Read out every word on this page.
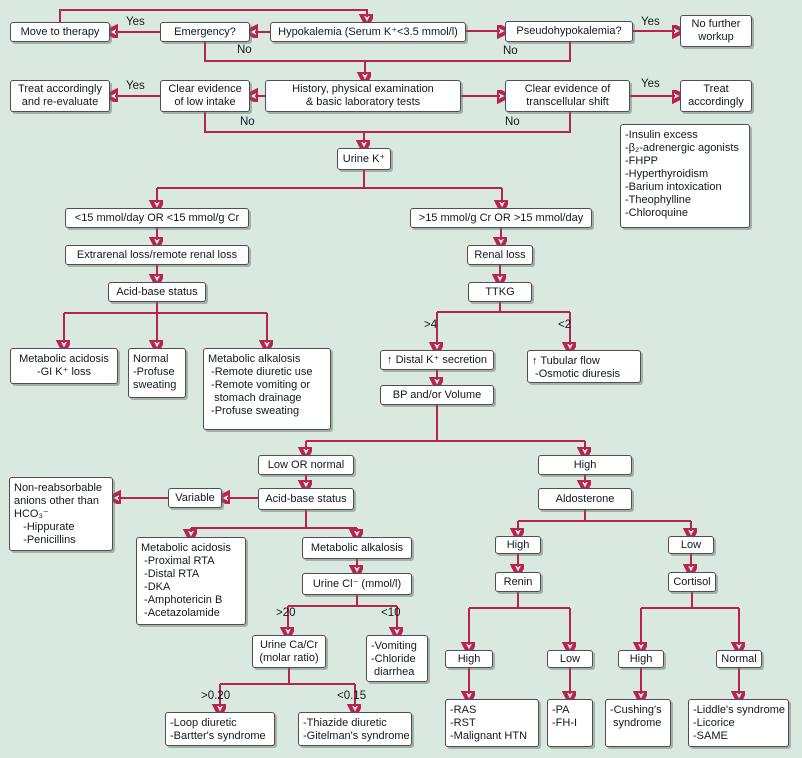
Move to therapy	Emergency?	Hypokalemia (Serum K⁺<3.5 mmol/l)	Pseudohypokalemia?
No further
workup
Treat accordingly
and re-evaluate
Clear evidence
of low intake
History, physical examination
& basic laboratory tests
Clear evidence of
transcellular shift
Treat
accordingly
-Insulin excess
-β₂-adrenergic agonists
-FHPP
-Hyperthyroidism
-Barium intoxication
-Theophylline
-Chloroquine
Urine K⁺
<15 mmol/day OR <15 mmol/g Cr	>15 mmol/g Cr OR >15 mmol/day
Extrarenal loss/remote renal loss	Renal loss
Acid-base status	TTKG
Metabolic acidosis
-GI K⁺ loss
Normal
-Profuse
sweating
Metabolic alkalosis
-Remote diuretic use
-Remote vomiting or
stomach drainage
-Profuse sweating
↑ Distal K⁺ secretion	↑ Tubular flow
-Osmotic diuresis
BP and/or Volume
Low OR normal	High
Acid-base status	Aldosterone
Variable
Non-reabsorbable
anions other than
HCO₃⁻
-Hippurate
-Penicillins
Metabolic acidosis
-Proximal RTA
-Distal RTA
-DKA
-Amphotericin B
-Acetazolamide
Metabolic alkalosis
Urine Cl⁻ (mmol/l)
Urine Ca/Cr
(molar ratio)
-Vomiting
-Chloride
diarrhea
-Loop diuretic
-Bartter's syndrome
-Thiazide diuretic
-Gitelman's syndrome
High	Low
Renin	Cortisol
High	Low	High	Normal
-RAS
-RST
-Malignant HTN
-PA
-FH-I
-Cushing's
syndrome
-Liddle's syndrome
-Licorice
-SAME
Yes
No
Yes
No
Yes
No
Yes
No
>4	<2
>20	<10
>0.20	<0.15
